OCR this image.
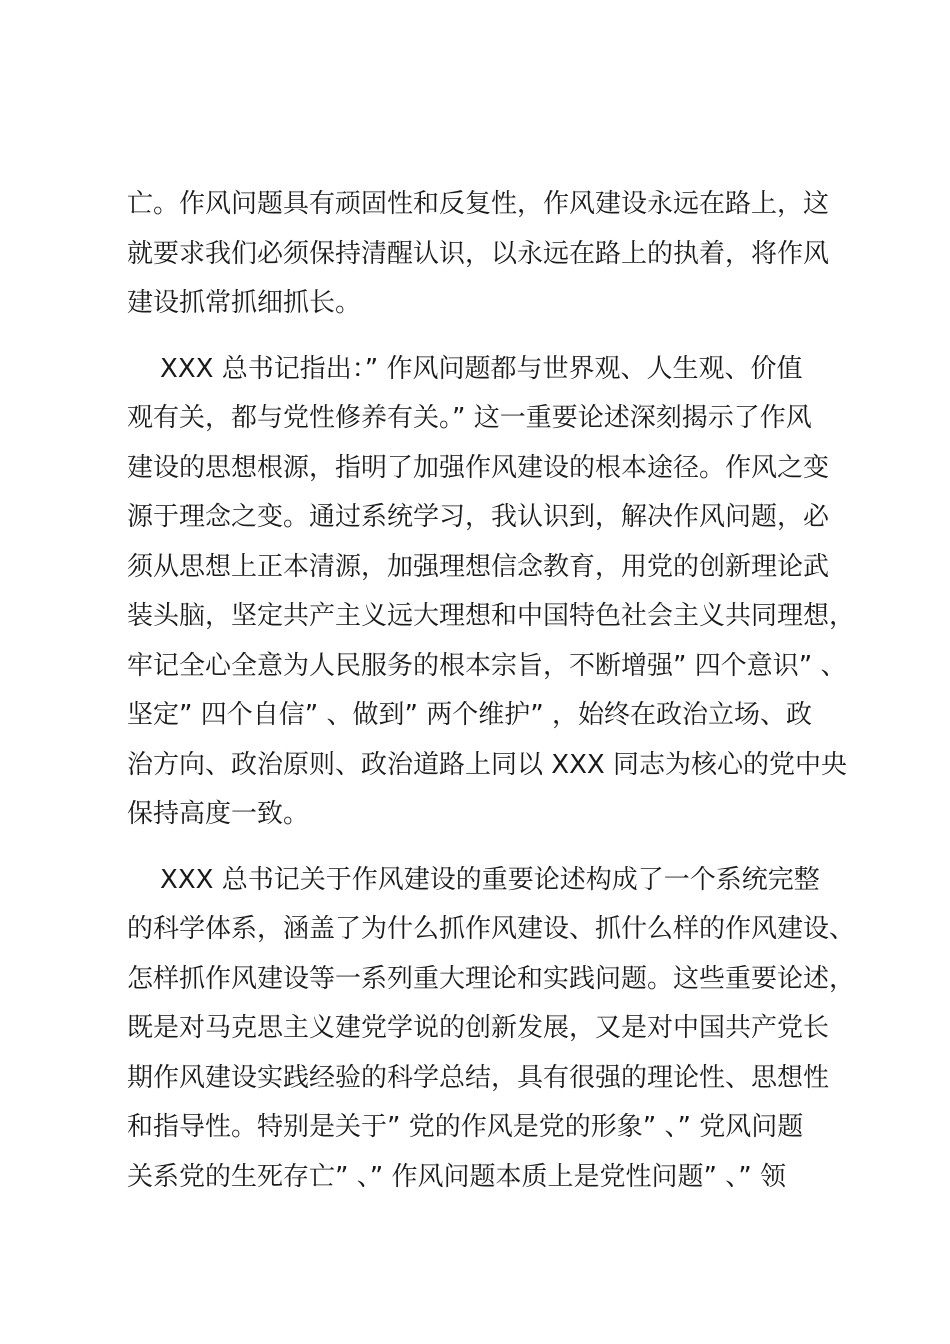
亡。作风问题具有顽固性和反复性，作风建设永远在路上，这
就要求我们必须保持清醒认识，以永远在路上的执着，将作风
建设抓常抓细抓长。
XXX 总书记指出：” 作风问题都与世界观、人生观、价值
观有关，都与党性修养有关。” 这一重要论述深刻揭示了作风
建设的思想根源，指明了加强作风建设的根本途径。作风之变
源于理念之变。通过系统学习，我认识到，解决作风问题，必
须从思想上正本清源，加强理想信念教育，用党的创新理论武
装头脑，坚定共产主义远大理想和中国特色社会主义共同理想，
牢记全心全意为人民服务的根本宗旨，不断增强” 四个意识” 、
坚定” 四个自信” 、做到” 两个维护” ，始终在政治立场、政
治方向、政治原则、政治道路上同以 XXX 同志为核心的党中央
保持高度一致。
XXX 总书记关于作风建设的重要论述构成了一个系统完整
的科学体系，涵盖了为什么抓作风建设、抓什么样的作风建设、
怎样抓作风建设等一系列重大理论和实践问题。这些重要论述，
既是对马克思主义建党学说的创新发展，又是对中国共产党长
期作风建设实践经验的科学总结，具有很强的理论性、思想性
和指导性。特别是关于” 党的作风是党的形象” 、” 党风问题
关系党的生死存亡” 、” 作风问题本质上是党性问题” 、” 领
